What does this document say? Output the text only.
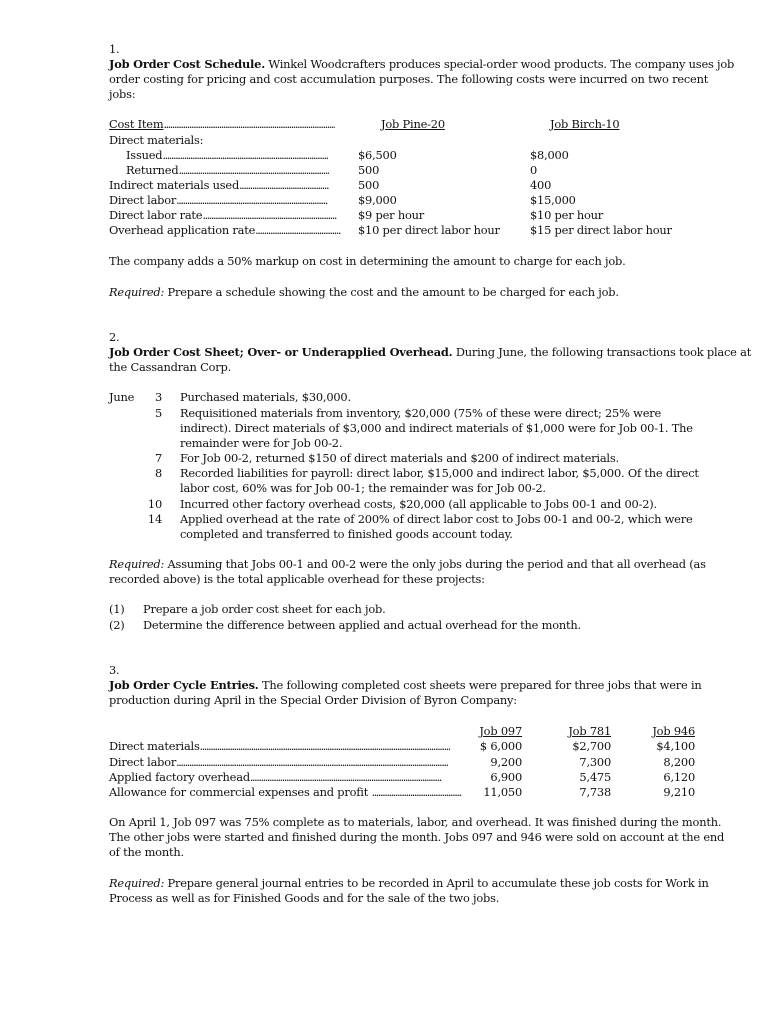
1.
Job Order Cost Schedule. Winkel Woodcrafters produces special-order wood products. The company uses job
order costing for pricing and cost accumulation purposes. The following costs were incurred on two recent
jobs:
Cost Item .....	Job Pine-20	Job Birch-10
Direct materials:
Issued .....	$6,500	$8,000
Returned .....	500	0
Indirect materials used .....	500	400
Direct labor .....	$9,000	$15,000
Direct labor rate .....	$9 per hour	$10 per hour
Overhead application rate .....	$10 per direct labor hour	$15 per direct labor hour
The company adds a 50% markup on cost in determining the amount to charge for each job.
Required: Prepare a schedule showing the cost and the amount to be charged for each job.
2.
Job Order Cost Sheet; Over- or Underapplied Overhead. During June, the following transactions took place at
the Cassandran Corp.
June	3 Purchased materials, $30,000.
5 Requisitioned materials from inventory, $20,000 (75% of these were direct; 25% were
indirect). Direct materials of $3,000 and indirect materials of $1,000 were for Job 00-1. The
remainder were for Job 00-2.
7 For Job 00-2, returned $150 of direct materials and $200 of indirect materials.
8 Recorded liabilities for payroll: direct labor, $15,000 and indirect labor, $5,000. Of the direct
labor cost, 60% was for Job 00-1; the remainder was for Job 00-2.
10 Incurred other factory overhead costs, $20,000 (all applicable to Jobs 00-1 and 00-2).
14 Applied overhead at the rate of 200% of direct labor cost to Jobs 00-1 and 00-2, which were
completed and transferred to finished goods account today.
Required: Assuming that Jobs 00-1 and 00-2 were the only jobs during the period and that all overhead (as
recorded above) is the total applicable overhead for these projects:
(1) Prepare a job order cost sheet for each job.
(2) Determine the difference between applied and actual overhead for the month.
3.
Job Order Cycle Entries. The following completed cost sheets were prepared for three jobs that were in
production during April in the Special Order Division of Byron Company:
Job 097	Job 781	Job 946
Direct materials .....	$ 6,000	$2,700	$4,100
Direct labor .....	9,200	7,300	8,200
Applied factory overhead .....	6,900	5,475	6,120
Allowance for commercial expenses and profit .....	11,050	7,738	9,210
On April 1, Job 097 was 75% complete as to materials, labor, and overhead. It was finished during the month.
The other jobs were started and finished during the month. Jobs 097 and 946 were sold on account at the end
of the month.
Required: Prepare general journal entries to be recorded in April to accumulate these job costs for Work in
Process as well as for Finished Goods and for the sale of the two jobs.
